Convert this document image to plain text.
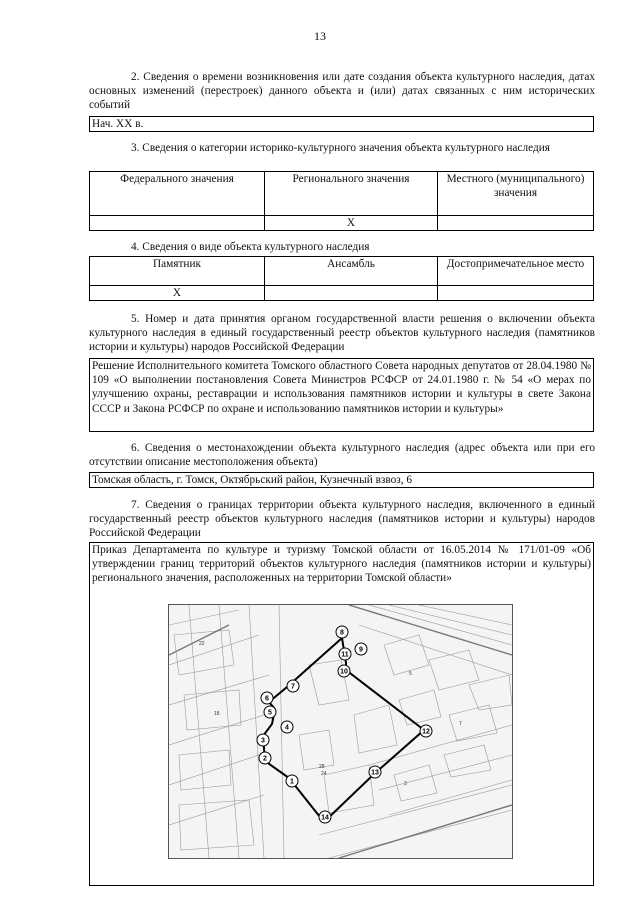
13
2. Сведения о времени возникновения или дате создания объекта культурного наследия, датах основных изменений (перестроек) данного объекта и (или) датах связанных с ним исторических событий
Нач. XX в.
3. Сведения о категории историко-культурного значения объекта культурного наследия
Федерального значения	Регионального значения	Местного (муниципального) значения
	X	
4. Сведения о виде объекта культурного наследия
Памятник	Ансамбль	Достопримечательное место
X		
5. Номер и дата принятия органом государственной власти решения о включении объекта культурного наследия в единый государственный реестр объектов культурного наследия (памятников истории и культуры) народов Российской Федерации
Решение Исполнительного комитета Томского областного Совета народных депутатов от 28.04.1980 № 109 «О выполнении постановления Совета Министров РСФСР от 24.01.1980 г. № 54 «О мерах по улучшению охраны, реставрации и использования памятников истории и культуры в свете Закона СССР и Закона РСФСР по охране и использованию памятников истории и культуры»
6. Сведения о местонахождении объекта культурного наследия (адрес объекта или при его отсутствии описание местоположения объекта)
Томская область, г. Томск, Октябрьский район, Кузнечный взвоз, 6
7. Сведения о границах территории объекта культурного наследия, включенного в единый государственный реестр объектов культурного наследия (памятников истории и культуры) народов Российской Федерации
Приказ Департамента по культуре и туризму Томской области от 16.05.2014 № 171/01-09 «Об утверждении границ территорий объектов культурного наследия (памятников истории и культуры) регионального значения, расположенных на территории Томской области»
28
24
22
18
5
7
3
1
2
3
4
5
6
7
8
9
10
11
12
13
14
